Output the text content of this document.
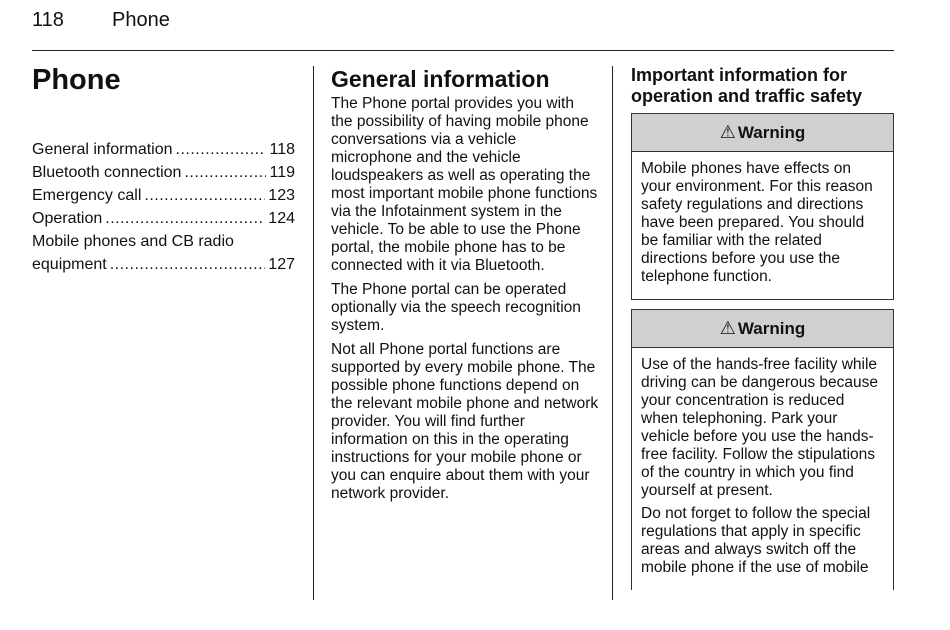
118 Phone
Phone
General information .....	118
Bluetooth connection .....	119
Emergency call .....	123
Operation .....	124
Mobile phones and CB radio
equipment .....	127
General information

The Phone portal provides you with the possibility of having mobile phone conversations via a vehicle microphone and the vehicle loudspeakers as well as operating the most important mobile phone functions via the Infotainment system in the vehicle. To be able to use the Phone portal, the mobile phone has to be connected with it via Bluetooth.

The Phone portal can be operated optionally via the speech recognition system.

Not all Phone portal functions are supported by every mobile phone. The possible phone functions depend on the relevant mobile phone and network provider. You will find further information on this in the operating instructions for your mobile phone or you can enquire about them with your network provider.

Important information for operation and traffic safety
⚠ Warning

Mobile phones have effects on your environment. For this reason safety regulations and directions have been prepared. You should be familiar with the related directions before you use the telephone function.

⚠ Warning

Use of the hands-free facility while driving can be dangerous because your concentration is reduced when telephoning. Park your vehicle before you use the hands-free facility. Follow the stipulations of the country in which you find yourself at present.

Do not forget to follow the special regulations that apply in specific areas and always switch off the mobile phone if the use of mobile
